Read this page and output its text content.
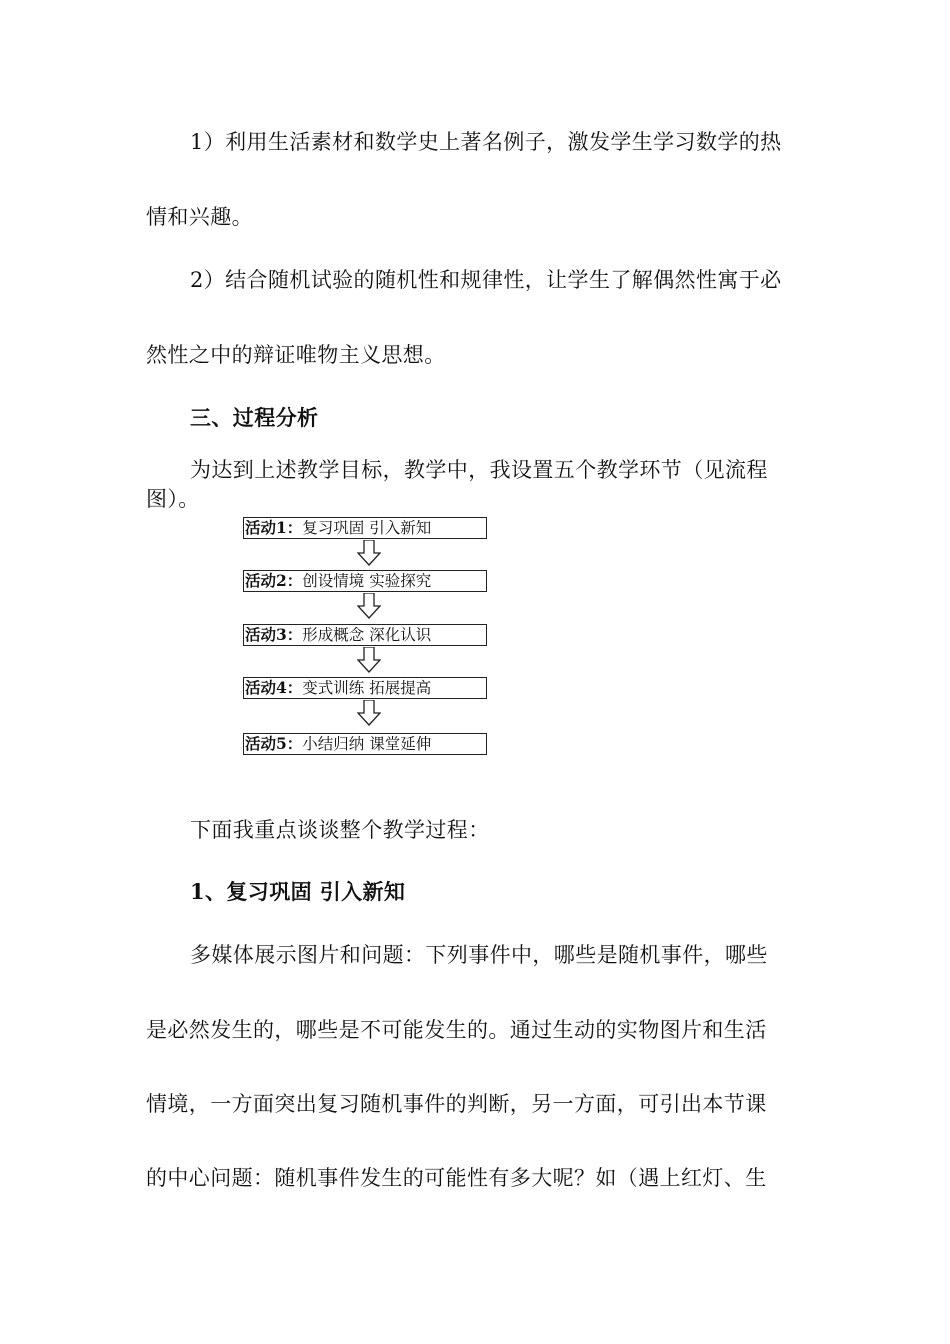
1）利用生活素材和数学史上著名例子，激发学生学习数学的热
情和兴趣。
2）结合随机试验的随机性和规律性，让学生了解偶然性寓于必
然性之中的辩证唯物主义思想。
三、过程分析
为达到上述教学目标，教学中，我设置五个教学环节（见流程
图）。
活动1：复习巩固 引入新知
活动2：创设情境 实验探究
活动3：形成概念 深化认识
活动4：变式训练 拓展提高
活动5：小结归纳 课堂延伸
下面我重点谈谈整个教学过程：
1、复习巩固 引入新知
多媒体展示图片和问题：下列事件中，哪些是随机事件，哪些
是必然发生的，哪些是不可能发生的。通过生动的实物图片和生活
情境，一方面突出复习随机事件的判断，另一方面，可引出本节课
的中心问题：随机事件发生的可能性有多大呢？如（遇上红灯、生
